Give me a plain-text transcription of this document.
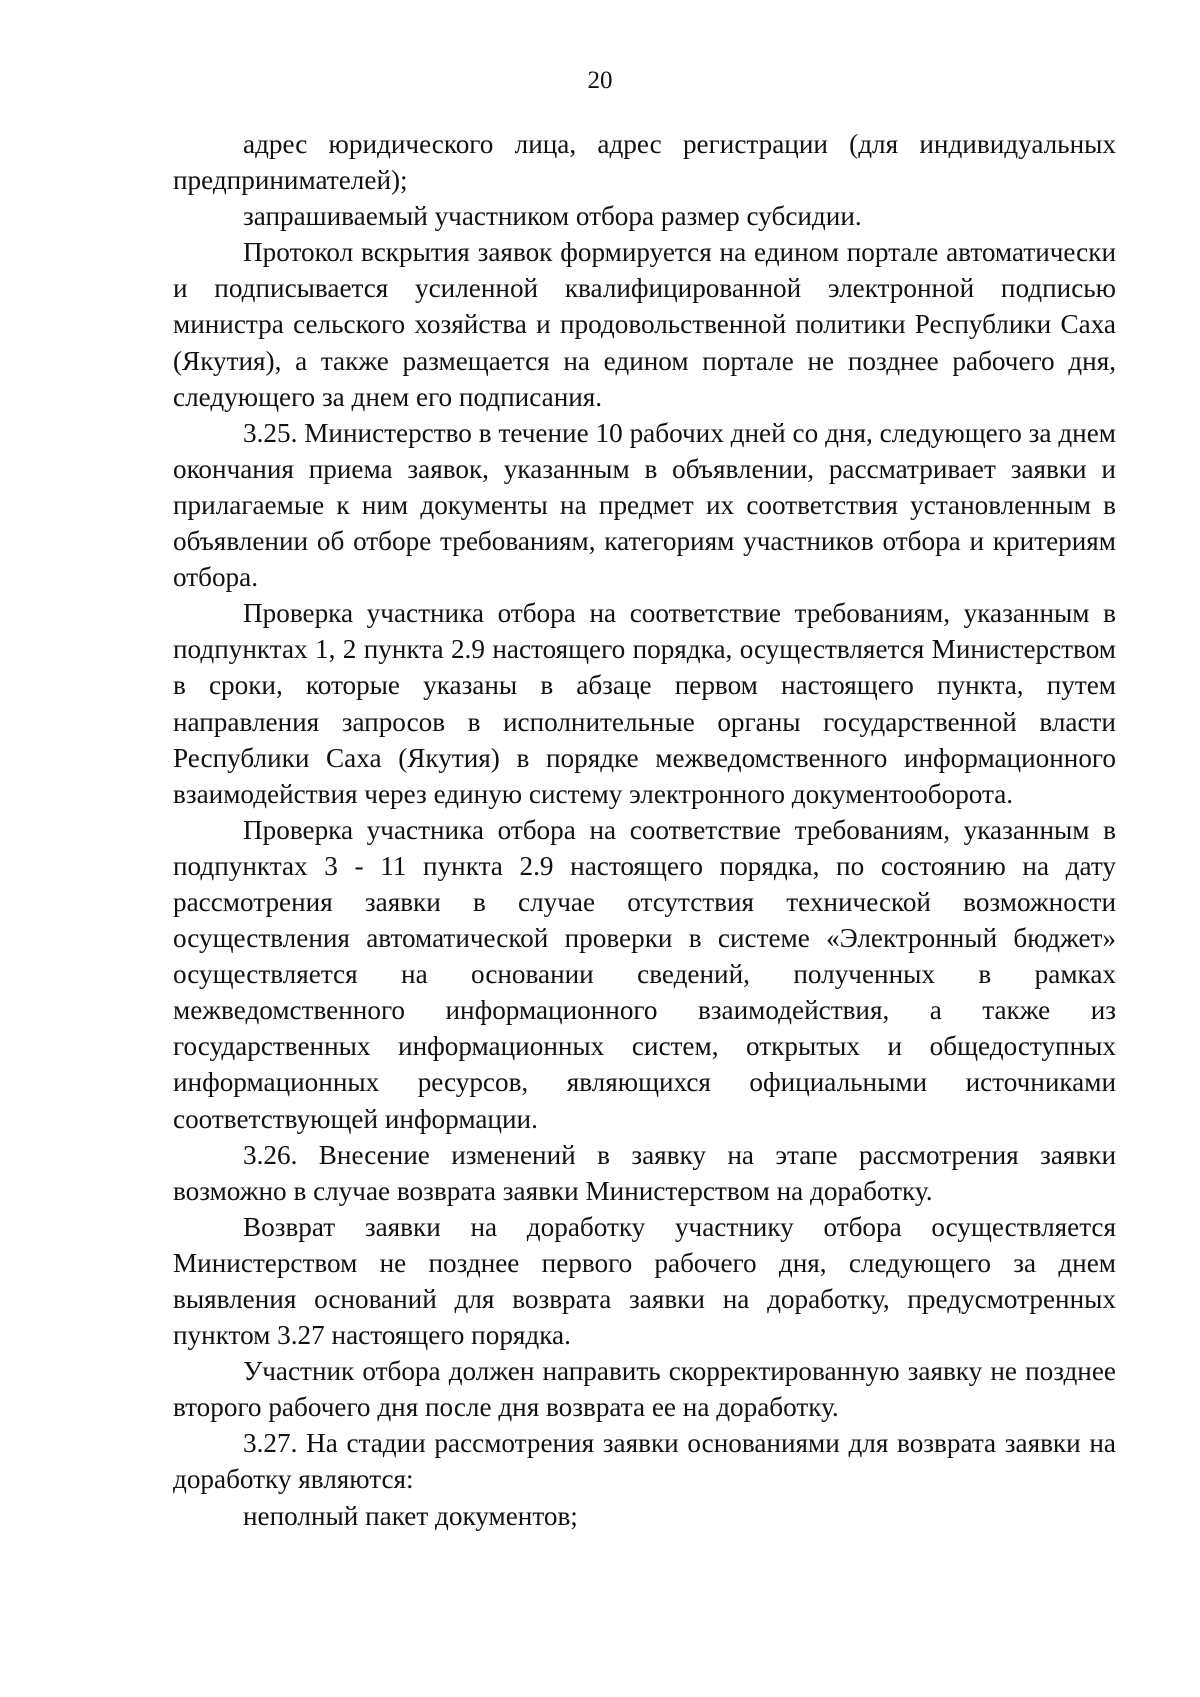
20

адрес юридического лица, адрес регистрации (для индивидуальных предпринимателей);

запрашиваемый участником отбора размер субсидии.

Протокол вскрытия заявок формируется на едином портале автоматически и подписывается усиленной квалифицированной электронной подписью министра сельского хозяйства и продовольственной политики Республики Саха (Якутия), а также размещается на едином портале не позднее рабочего дня, следующего за днем его подписания.

3.25. Министерство в течение 10 рабочих дней со дня, следующего за днем окончания приема заявок, указанным в объявлении, рассматривает заявки и прилагаемые к ним документы на предмет их соответствия установленным в объявлении об отборе требованиям, категориям участников отбора и критериям отбора.

Проверка участника отбора на соответствие требованиям, указанным в подпунктах 1, 2 пункта 2.9 настоящего порядка, осуществляется Министерством в сроки, которые указаны в абзаце первом настоящего пункта, путем направления запросов в исполнительные органы государственной власти Республики Саха (Якутия) в порядке межведомственного информационного взаимодействия через единую систему электронного документооборота.

Проверка участника отбора на соответствие требованиям, указанным в подпунктах 3 - 11 пункта 2.9 настоящего порядка, по состоянию на дату рассмотрения заявки в случае отсутствия технической возможности осуществления автоматической проверки в системе «Электронный бюджет» осуществляется на основании сведений, полученных в рамках межведомственного информационного взаимодействия, а также из государственных информационных систем, открытых и общедоступных информационных ресурсов, являющихся официальными источниками соответствующей информации.

3.26. Внесение изменений в заявку на этапе рассмотрения заявки возможно в случае возврата заявки Министерством на доработку.

Возврат заявки на доработку участнику отбора осуществляется Министерством не позднее первого рабочего дня, следующего за днем выявления оснований для возврата заявки на доработку, предусмотренных пунктом 3.27 настоящего порядка.

Участник отбора должен направить скорректированную заявку не позднее второго рабочего дня после дня возврата ее на доработку.

3.27. На стадии рассмотрения заявки основаниями для возврата заявки на доработку являются:

неполный пакет документов;
